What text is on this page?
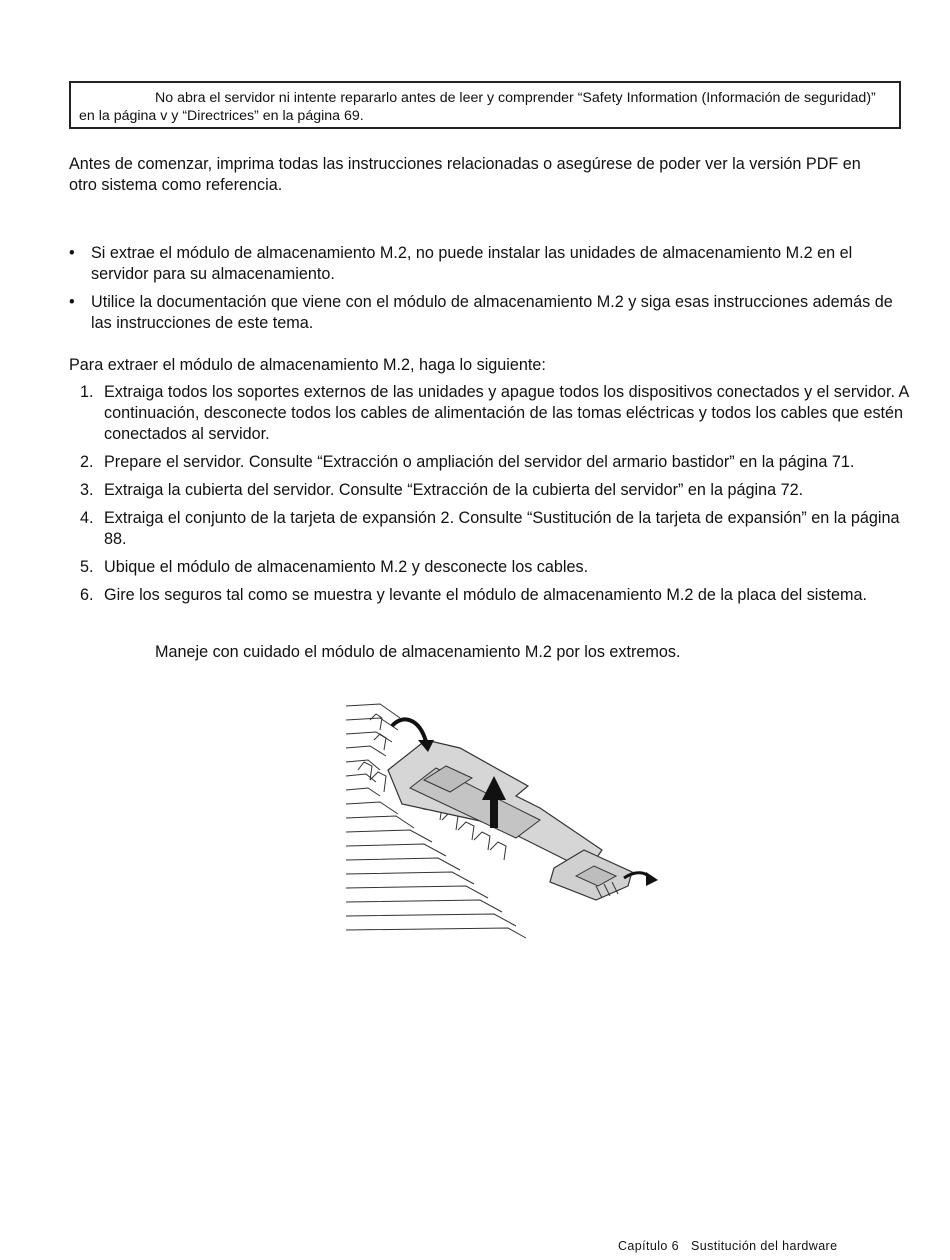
No abra el servidor ni intente repararlo antes de leer y comprender “Safety Information (Información de seguridad)” en la página v y “Directrices” en la página 69.

Antes de comenzar, imprima todas las instrucciones relacionadas o asegúrese de poder ver la versión PDF en otro sistema como referencia.

• Si extrae el módulo de almacenamiento M.2, no puede instalar las unidades de almacenamiento M.2 en el servidor para su almacenamiento.
• Utilice la documentación que viene con el módulo de almacenamiento M.2 y siga esas instrucciones además de las instrucciones de este tema.

Para extraer el módulo de almacenamiento M.2, haga lo siguiente:

1. Extraiga todos los soportes externos de las unidades y apague todos los dispositivos conectados y el servidor. A continuación, desconecte todos los cables de alimentación de las tomas eléctricas y todos los cables que estén conectados al servidor.
2. Prepare el servidor. Consulte “Extracción o ampliación del servidor del armario bastidor” en la página 71.
3. Extraiga la cubierta del servidor. Consulte “Extracción de la cubierta del servidor” en la página 72.
4. Extraiga el conjunto de la tarjeta de expansión 2. Consulte “Sustitución de la tarjeta de expansión” en la página 88.
5. Ubique el módulo de almacenamiento M.2 y desconecte los cables.
6. Gire los seguros tal como se muestra y levante el módulo de almacenamiento M.2 de la placa del sistema.

Maneje con cuidado el módulo de almacenamiento M.2 por los extremos.

Capítulo 6 Sustitución del hardware
